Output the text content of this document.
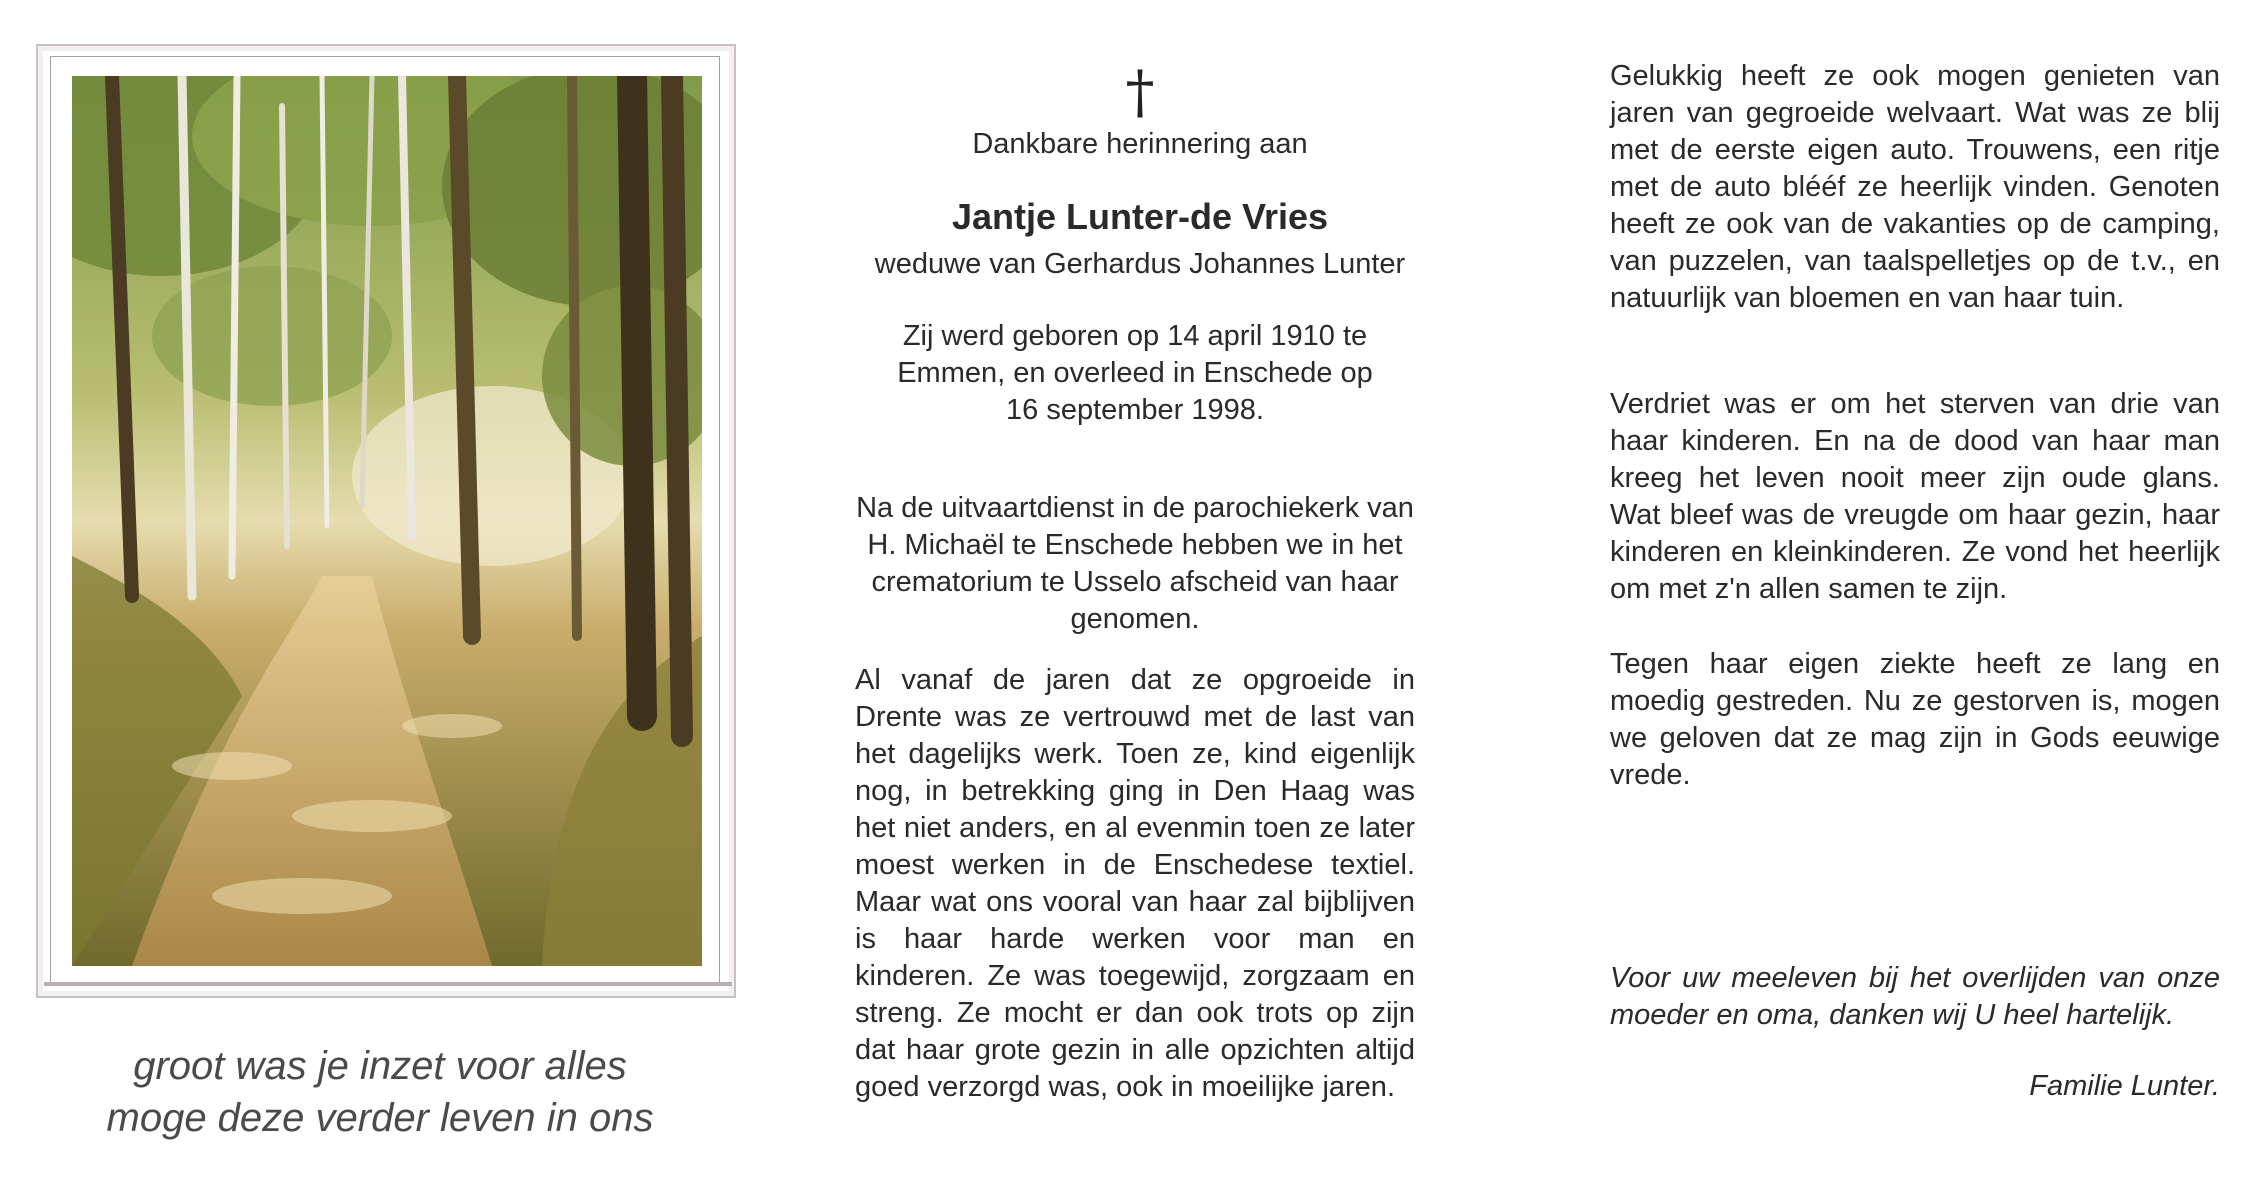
groot was je inzet voor alles
moge deze verder leven in ons
†
Dankbare herinnering aan
Jantje Lunter-de Vries
weduwe van Gerhardus Johannes Lunter
Zij werd geboren op 14 april 1910 te Emmen, en overleed in Enschede op 16 september 1998.
Na de uitvaartdienst in de parochiekerk van H. Michaël te Enschede hebben we in het crematorium te Usselo afscheid van haar genomen.
Al vanaf de jaren dat ze opgroeide in Drente was ze vertrouwd met de last van het dagelijks werk. Toen ze, kind eigenlijk nog, in betrekking ging in Den Haag was het niet anders, en al evenmin toen ze later moest werken in de Enschedese textiel. Maar wat ons vooral van haar zal bijblijven is haar harde werken voor man en kinderen. Ze was toegewijd, zorgzaam en streng. Ze mocht er dan ook trots op zijn dat haar grote gezin in alle opzichten altijd goed verzorgd was, ook in moeilijke jaren.
Gelukkig heeft ze ook mogen genieten van jaren van gegroeide welvaart. Wat was ze blij met de eerste eigen auto. Trouwens, een ritje met de auto blééf ze heerlijk vinden. Genoten heeft ze ook van de vakanties op de camping, van puzzelen, van taalspelletjes op de t.v., en natuurlijk van bloemen en van haar tuin.
Verdriet was er om het sterven van drie van haar kinderen. En na de dood van haar man kreeg het leven nooit meer zijn oude glans. Wat bleef was de vreugde om haar gezin, haar kinderen en kleinkinderen. Ze vond het heerlijk om met z'n allen samen te zijn.
Tegen haar eigen ziekte heeft ze lang en moedig gestreden. Nu ze gestorven is, mogen we geloven dat ze mag zijn in Gods eeuwige vrede.
Voor uw meeleven bij het overlijden van onze moeder en oma, danken wij U heel hartelijk.
Familie Lunter.
